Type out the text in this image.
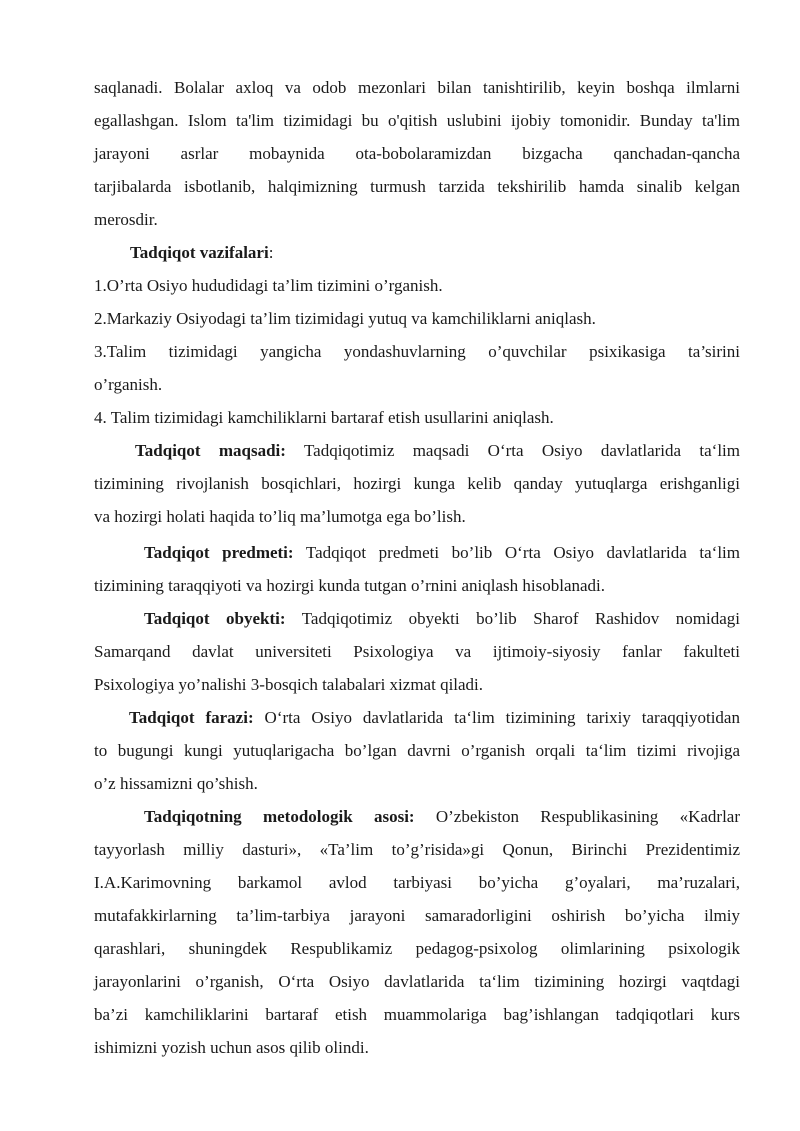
saqlanadi. Bolalar axloq va odob mezonlari bilan tanishtirilib, keyin boshqa ilmlarni
egallashgan. Islom ta'lim tizimidagi bu o'qitish uslubini ijobiy tomonidir. Bunday ta'lim
jarayoni asrlar mobaynida ota-bobolaramizdan bizgacha qanchadan-qancha
tarjibalarda isbotlanib, halqimizning turmush tarzida tekshirilib hamda sinalib kelgan
merosdir.
Tadqiqot vazifalari:
1.O’rta Osiyo hududidagi ta’lim tizimini o’rganish.
2.Markaziy Osiyodagi ta’lim tizimidagi yutuq va kamchiliklarni aniqlash.
3.Talim tizimidagi yangicha yondashuvlarning o’quvchilar psixikasiga ta’sirini
o’rganish.
4. Talim tizimidagi kamchiliklarni bartaraf etish usullarini aniqlash.
Tadqiqot maqsadi: Tadqiqotimiz maqsadi O‘rta Osiyo davlatlarida ta‘lim
tizimining rivojlanish bosqichlari, hozirgi kunga kelib qanday yutuqlarga erishganligi
va hozirgi holati haqida to’liq ma’lumotga ega bo’lish.
Tadqiqot predmeti: Tadqiqot predmeti bo’lib O‘rta Osiyo davlatlarida ta‘lim
tizimining taraqqiyoti va hozirgi kunda tutgan o’rnini aniqlash hisoblanadi.
Tadqiqot obyekti: Tadqiqotimiz obyekti bo’lib Sharof Rashidov nomidagi
Samarqand davlat universiteti Psixologiya va ijtimoiy-siyosiy fanlar fakulteti
Psixologiya yo’nalishi 3-bosqich talabalari xizmat qiladi.
Tadqiqot farazi: O‘rta Osiyo davlatlarida ta‘lim tizimining tarixiy taraqqiyotidan
to bugungi kungi yutuqlarigacha bo’lgan davrni o’rganish orqali ta‘lim tizimi rivojiga
o’z hissamizni qo’shish.
Tadqiqotning metodologik asosi: O’zbekiston Respublikasining «Kadrlar
tayyorlash milliy dasturi», «Ta’lim to’g’risida»gi Qonun, Birinchi Prezidentimiz
I.A.Karimovning barkamol avlod tarbiyasi bo’yicha g’oyalari, ma’ruzalari,
mutafakkirlarning ta’lim-tarbiya jarayoni samaradorligini oshirish bo’yicha ilmiy
qarashlari, shuningdek Respublikamiz pedagog-psixolog olimlarining psixologik
jarayonlarini o’rganish, O‘rta Osiyo davlatlarida ta‘lim tizimining hozirgi vaqtdagi
ba’zi kamchiliklarini bartaraf etish muammolariga bag’ishlangan tadqiqotlari kurs
ishimizni yozish uchun asos qilib olindi.
